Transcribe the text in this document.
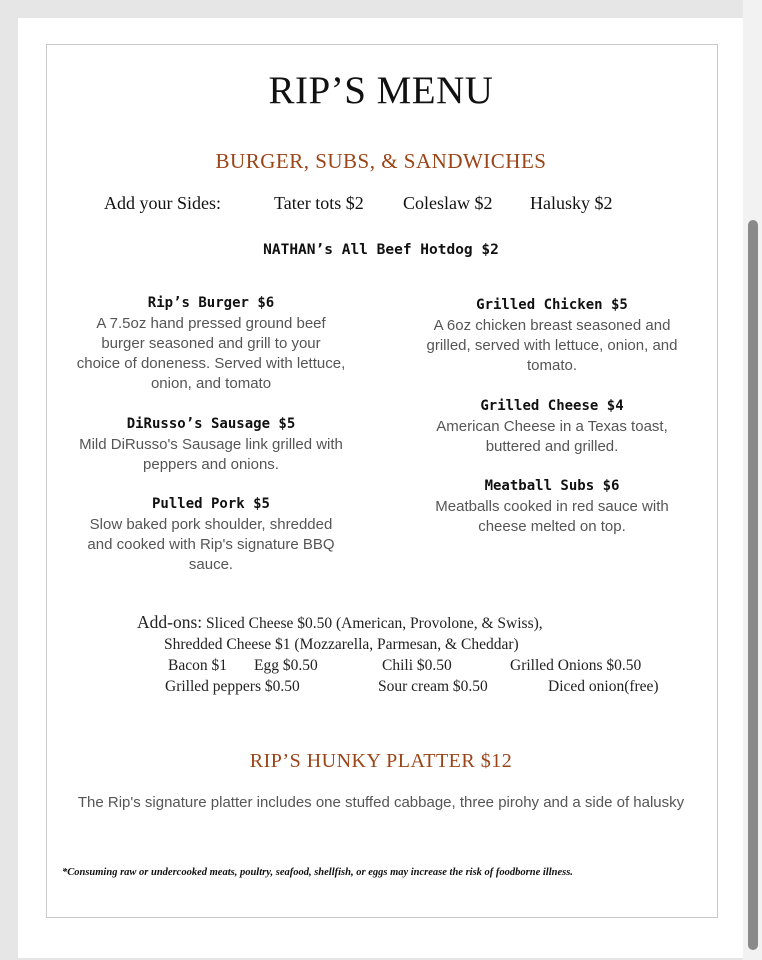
RIP’S MENU
BURGER, SUBS, & SANDWICHES
Add your Sides:	Tater tots $2 Coleslaw $2 Halusky $2
NATHAN’s All Beef Hotdog $2
Rip’s Burger $6
A 7.5oz hand pressed ground beef
burger seasoned and grill to your
choice of doneness. Served with lettuce,
onion, and tomato
DiRusso’s Sausage $5
Mild DiRusso's Sausage link grilled with
peppers and onions.
Pulled Pork $5
Slow baked pork shoulder, shredded
and cooked with Rip's signature BBQ
sauce.
Grilled Chicken $5
A 6oz chicken breast seasoned and
grilled, served with lettuce, onion, and
tomato.
Grilled Cheese $4
American Cheese in a Texas toast,
buttered and grilled.
Meatball Subs $6
Meatballs cooked in red sauce with
cheese melted on top.
Add-ons: Sliced Cheese $0.50 (American, Provolone, & Swiss),
Shredded Cheese $1 (Mozzarella, Parmesan, & Cheddar)
Bacon $1 Egg $0.50	Chili $0.50	Grilled Onions $0.50
Grilled peppers $0.50	Sour cream $0.50	Diced onion(free)
RIP’S HUNKY PLATTER $12
The Rip's signature platter includes one stuffed cabbage, three pirohy and a side of halusky
*Consuming raw or undercooked meats, poultry, seafood, shellfish, or eggs may increase the risk of foodborne illness.
